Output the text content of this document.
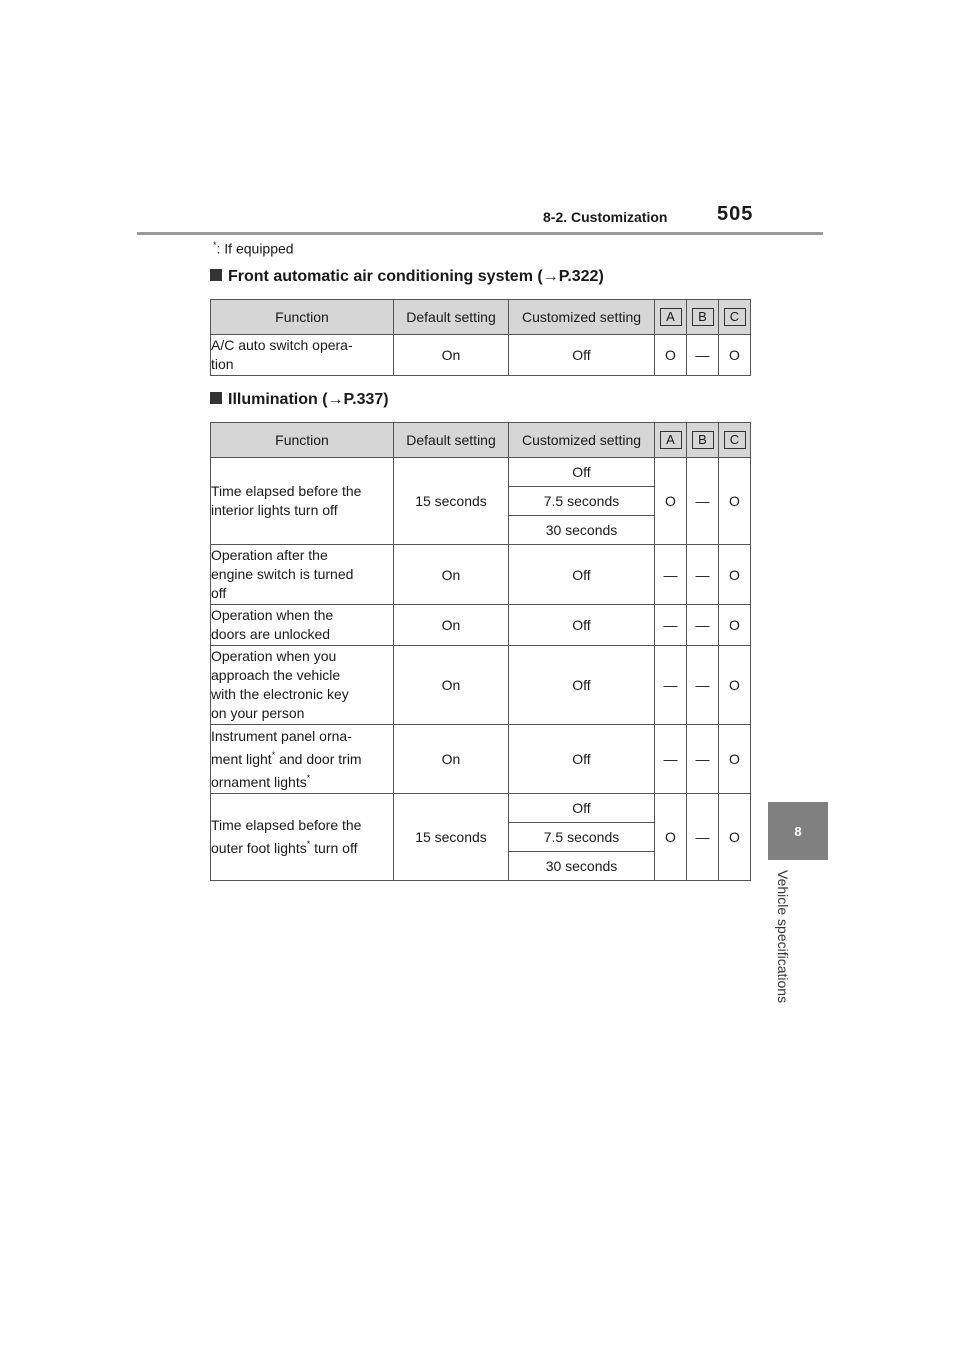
8-2. Customization 505
8
Vehicle specifications
*: If equipped
Front automatic air conditioning system (→P.322)
Function	Default setting	Customized setting	A	B	C
A/C auto switch opera-
tion	On	Off	O	—	O
Illumination (→P.337)
Function	Default setting	Customized setting	A	B	C
Time elapsed before the
interior lights turn off	15 seconds	Off	O	—	O
		7.5 seconds			
		30 seconds			
Operation after the
engine switch is turned
off	On	Off	—	—	O
Operation when the
doors are unlocked	On	Off	—	—	O
Operation when you
approach the vehicle
with the electronic key
on your person	On	Off	—	—	O
Instrument panel orna-
ment light* and door trim
ornament lights*	On	Off	—	—	O
Time elapsed before the
outer foot lights* turn off	15 seconds	Off	O	—	O
		7.5 seconds			
		30 seconds			
